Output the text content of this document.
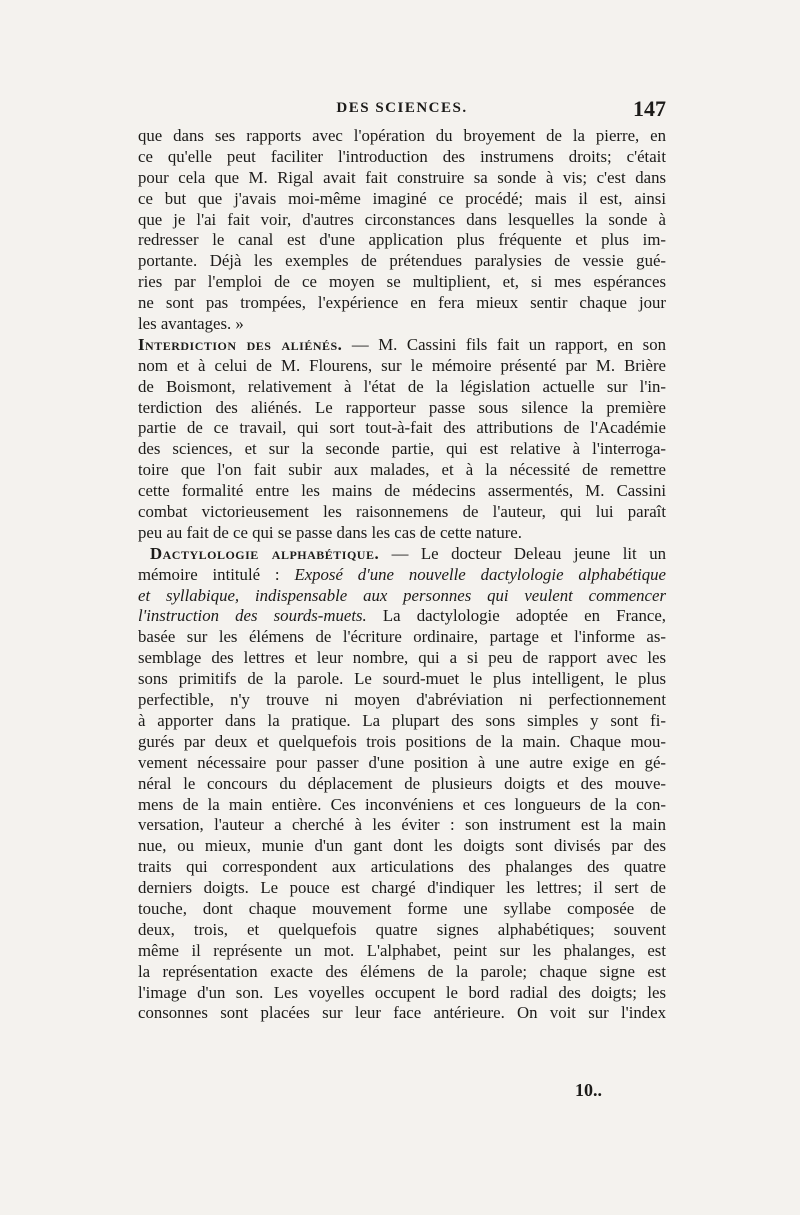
DES SCIENCES.	147
que dans ses rapports avec l'opération du broyement de la pierre, en
ce qu'elle peut faciliter l'introduction des instrumens droits; c'était
pour cela que M. Rigal avait fait construire sa sonde à vis; c'est dans
ce but que j'avais moi-même imaginé ce procédé; mais il est, ainsi
que je l'ai fait voir, d'autres circonstances dans lesquelles la sonde à
redresser le canal est d'une application plus fréquente et plus im-
portante. Déjà les exemples de prétendues paralysies de vessie gué-
ries par l'emploi de ce moyen se multiplient, et, si mes espérances
ne sont pas trompées, l'expérience en fera mieux sentir chaque jour
les avantages. »
Interdiction des aliénés. — M. Cassini fils fait un rapport, en son
nom et à celui de M. Flourens, sur le mémoire présenté par M. Brière
de Boismont, relativement à l'état de la législation actuelle sur l'in-
terdiction des aliénés. Le rapporteur passe sous silence la première
partie de ce travail, qui sort tout-à-fait des attributions de l'Académie
des sciences, et sur la seconde partie, qui est relative à l'interroga-
toire que l'on fait subir aux malades, et à la nécessité de remettre
cette formalité entre les mains de médecins assermentés, M. Cassini
combat victorieusement les raisonnemens de l'auteur, qui lui paraît
peu au fait de ce qui se passe dans les cas de cette nature.
Dactylologie alphabétique. — Le docteur Deleau jeune lit un
mémoire intitulé : Exposé d'une nouvelle dactylologie alphabétique
et syllabique, indispensable aux personnes qui veulent commencer
l'instruction des sourds-muets. La dactylologie adoptée en France,
basée sur les élémens de l'écriture ordinaire, partage et l'informe as-
semblage des lettres et leur nombre, qui a si peu de rapport avec les
sons primitifs de la parole. Le sourd-muet le plus intelligent, le plus
perfectible, n'y trouve ni moyen d'abréviation ni perfectionnement
à apporter dans la pratique. La plupart des sons simples y sont fi-
gurés par deux et quelquefois trois positions de la main. Chaque mou-
vement nécessaire pour passer d'une position à une autre exige en gé-
néral le concours du déplacement de plusieurs doigts et des mouve-
mens de la main entière. Ces inconvéniens et ces longueurs de la con-
versation, l'auteur a cherché à les éviter : son instrument est la main
nue, ou mieux, munie d'un gant dont les doigts sont divisés par des
traits qui correspondent aux articulations des phalanges des quatre
derniers doigts. Le pouce est chargé d'indiquer les lettres; il sert de
touche, dont chaque mouvement forme une syllabe composée de
deux, trois, et quelquefois quatre signes alphabétiques; souvent
même il représente un mot. L'alphabet, peint sur les phalanges, est
la représentation exacte des élémens de la parole; chaque signe est
l'image d'un son. Les voyelles occupent le bord radial des doigts; les
consonnes sont placées sur leur face antérieure. On voit sur l'index
10..
